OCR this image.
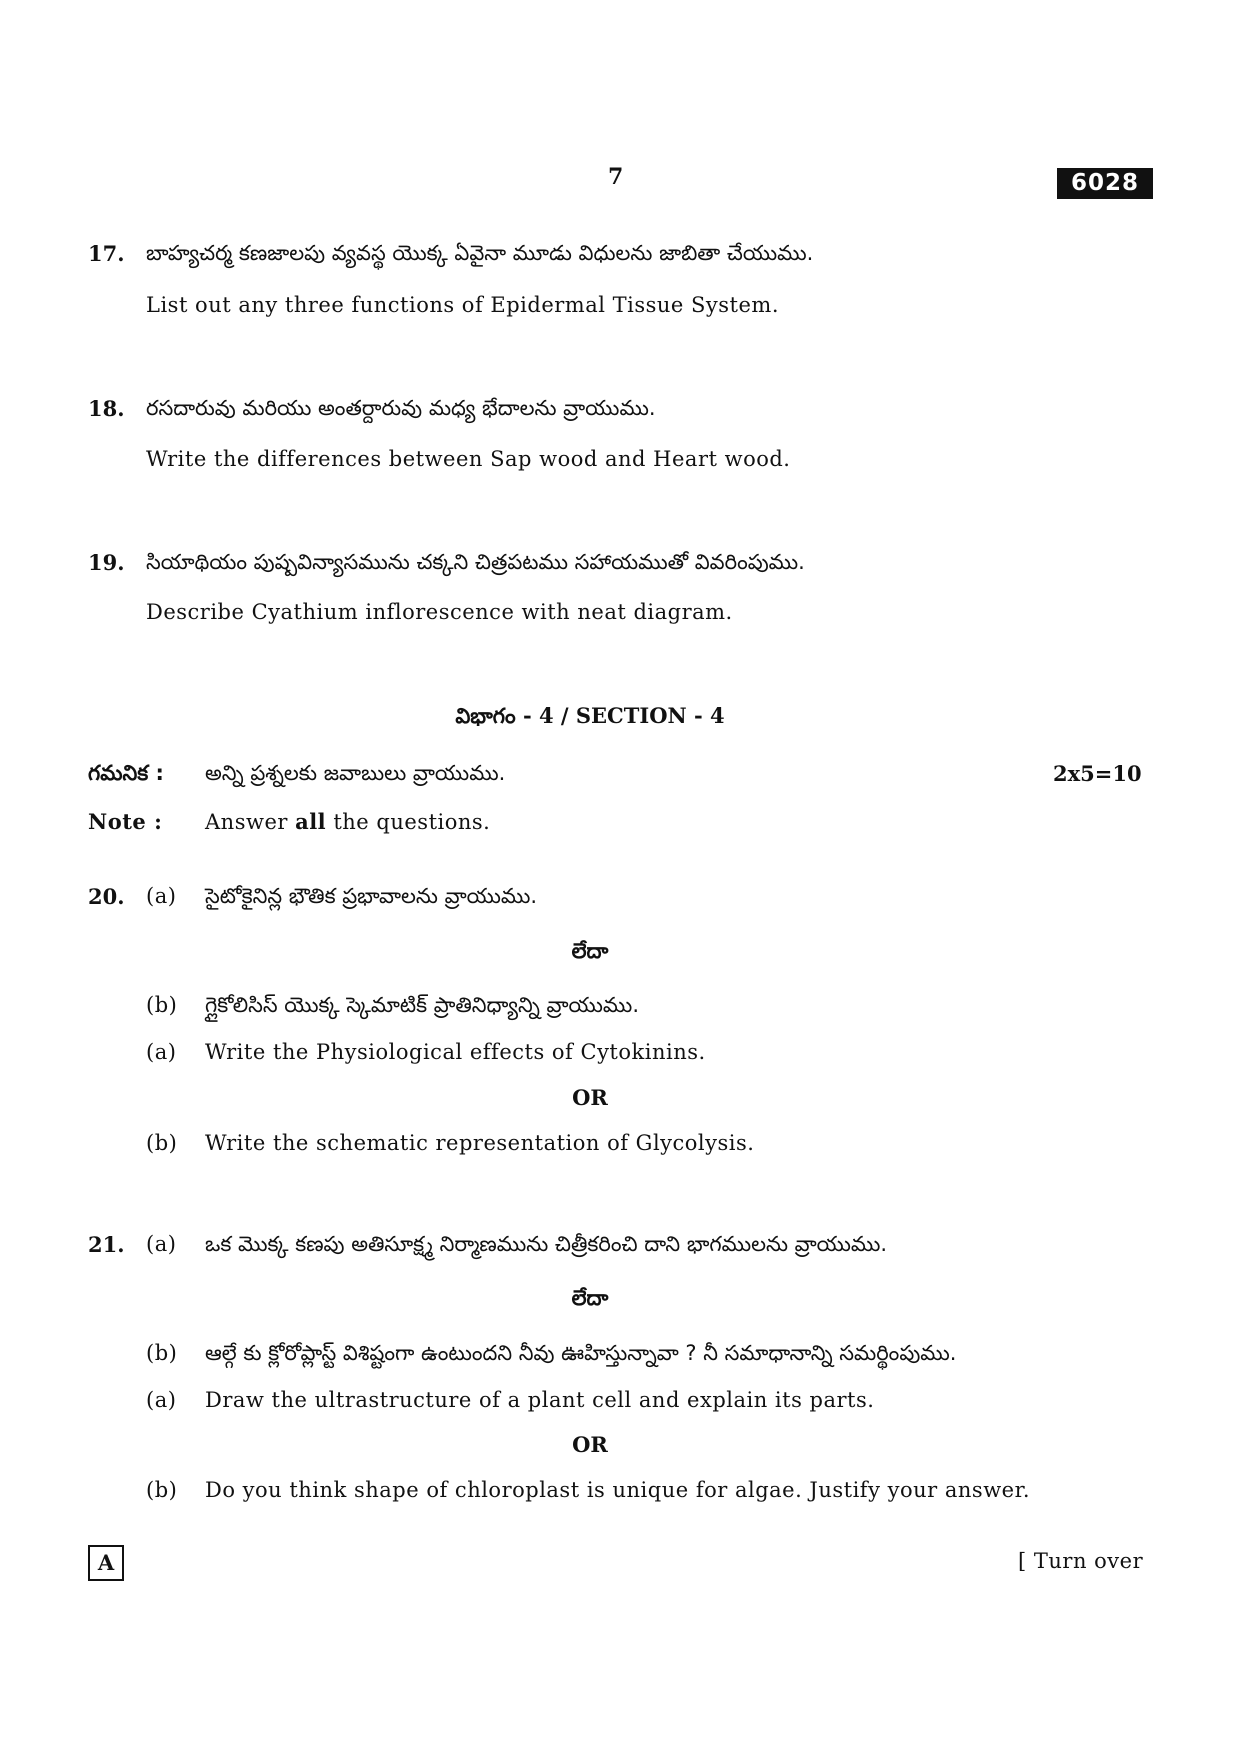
7	6028
17. బాహ్యచర్మ కణజాలపు వ్యవస్థ యొక్క ఏవైనా మూడు విధులను జాబితా చేయుము.
List out any three functions of Epidermal Tissue System.
18. రసదారువు మరియు అంతర్దారువు మధ్య భేదాలను వ్రాయుము.
Write the differences between Sap wood and Heart wood.
19. సియాథియం పుష్పవిన్యాసమును చక్కని చిత్రపటము సహాయముతో వివరింపుము.
Describe Cyathium inflorescence with neat diagram.
విభాగం - 4 / SECTION - 4
గమనిక : అన్ని ప్రశ్నలకు జవాబులు వ్రాయుము.	2x5=10
Note : Answer all the questions.
20. (a) సైటోకైనిన్ల భౌతిక ప్రభావాలను వ్రాయుము.
లేదా
(b) గ్లైకోలిసిస్ యొక్క స్కెమాటిక్ ప్రాతినిధ్యాన్ని వ్రాయుము.
(a) Write the Physiological effects of Cytokinins.
OR
(b) Write the schematic representation of Glycolysis.
21. (a) ఒక మొక్క కణపు అతిసూక్ష్మ నిర్మాణమును చిత్రీకరించి దాని భాగములను వ్రాయుము.
లేదా
(b) ఆల్గే కు క్లోరోప్లాస్ట్ విశిష్టంగా ఉంటుందని నీవు ఊహిస్తున్నావా ? నీ సమాధానాన్ని సమర్థింపుము.
(a) Draw the ultrastructure of a plant cell and explain its parts.
OR
(b) Do you think shape of chloroplast is unique for algae. Justify your answer.
A	[ Turn over
